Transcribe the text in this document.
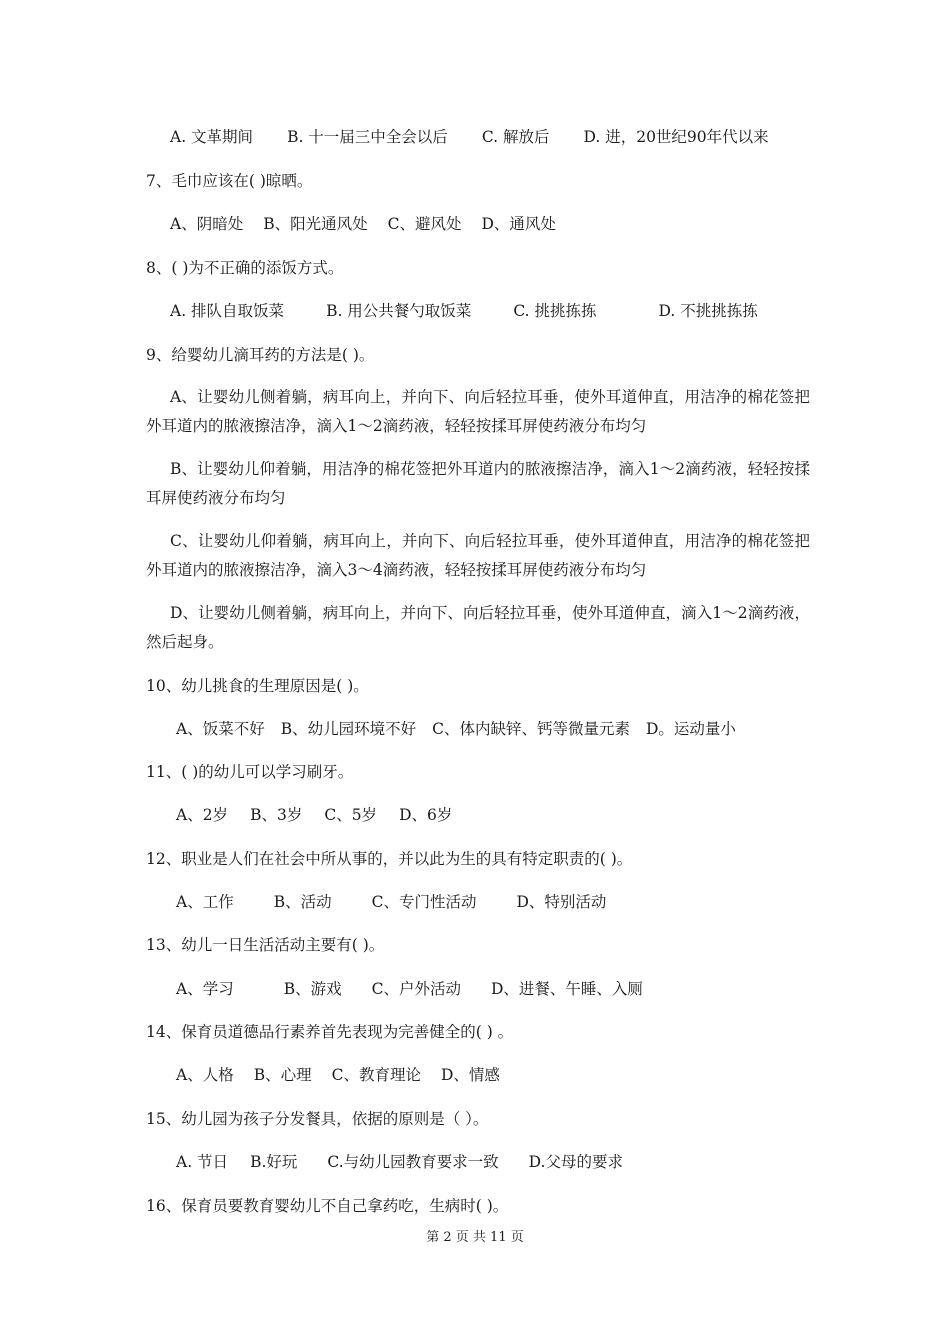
A. 文革期间 B. 十一届三中全会以后 C. 解放后 D. 进，20世纪90年代以来
7、毛巾应该在( )晾晒。
A、阴暗处 B、阳光通风处 C、避风处 D、通风处
8、( )为不正确的添饭方式。
A. 排队自取饭菜	B. 用公共餐勺取饭菜	C. 挑挑拣拣	D. 不挑挑拣拣
9、给婴幼儿滴耳药的方法是( )。
A、让婴幼儿侧着躺，病耳向上，并向下、向后轻拉耳垂，使外耳道伸直，用洁净的棉花签把外耳道内的脓液擦洁净，滴入1～2滴药液，轻轻按揉耳屏使药液分布均匀
B、让婴幼儿仰着躺，用洁净的棉花签把外耳道内的脓液擦洁净，滴入1～2滴药液，轻轻按揉耳屏使药液分布均匀
C、让婴幼儿仰着躺，病耳向上，并向下、向后轻拉耳垂，使外耳道伸直，用洁净的棉花签把外耳道内的脓液擦洁净，滴入3～4滴药液，轻轻按揉耳屏使药液分布均匀
D、让婴幼儿侧着躺，病耳向上，并向下、向后轻拉耳垂，使外耳道伸直，滴入1～2滴药液，然后起身。
10、幼儿挑食的生理原因是( )。
A、饭菜不好 B、幼儿园环境不好 C、体内缺锌、钙等微量元素 D。运动量小
11、( )的幼儿可以学习刷牙。
A、2岁 B、3岁 C、5岁 D、6岁
12、职业是人们在社会中所从事的，并以此为生的具有特定职责的( )。
A、工作	B、活动	C、专门性活动	D、特别活动
13、幼儿一日生活活动主要有( )。
A、学习	B、游戏 C、户外活动 D、进餐、午睡、入厕
14、保育员道德品行素养首先表现为完善健全的( ) 。
A、人格 B、心理 C、教育理论 D、情感
15、幼儿园为孩子分发餐具，依据的原则是（ ）。
A. 节日 B.好玩 C.与幼儿园教育要求一致 D.父母的要求
16、保育员要教育婴幼儿不自己拿药吃，生病时( )。
第 2 页 共 11 页
